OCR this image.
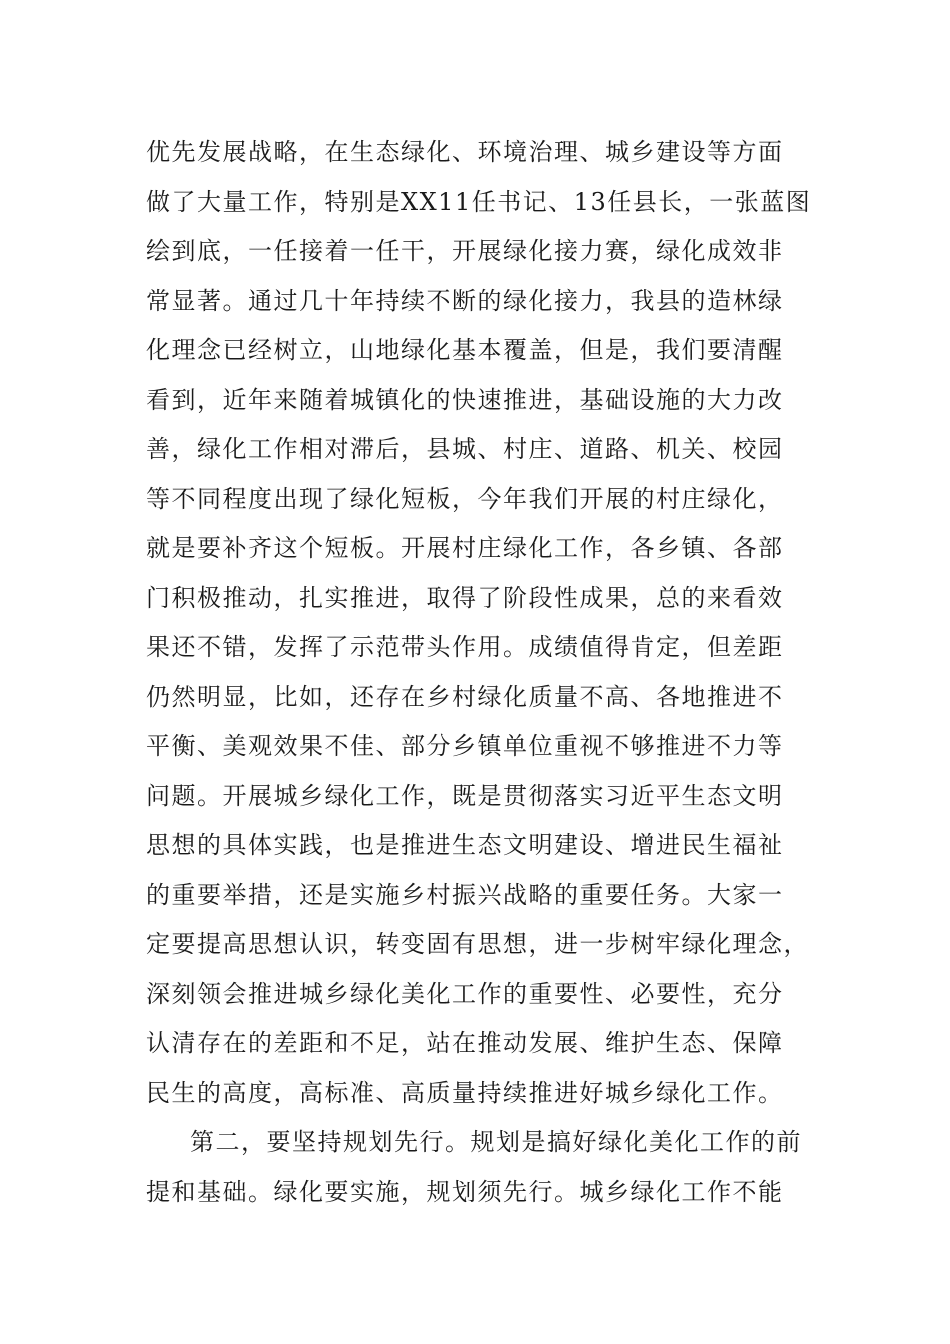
优先发展战略，在生态绿化、环境治理、城乡建设等方面
做了大量工作，特别是XX11任书记、13任县长，一张蓝图
绘到底，一任接着一任干，开展绿化接力赛，绿化成效非
常显著。通过几十年持续不断的绿化接力，我县的造林绿
化理念已经树立，山地绿化基本覆盖，但是，我们要清醒
看到，近年来随着城镇化的快速推进，基础设施的大力改
善，绿化工作相对滞后，县城、村庄、道路、机关、校园
等不同程度出现了绿化短板，今年我们开展的村庄绿化，
就是要补齐这个短板。开展村庄绿化工作，各乡镇、各部
门积极推动，扎实推进，取得了阶段性成果，总的来看效
果还不错，发挥了示范带头作用。成绩值得肯定，但差距
仍然明显，比如，还存在乡村绿化质量不高、各地推进不
平衡、美观效果不佳、部分乡镇单位重视不够推进不力等
问题。开展城乡绿化工作，既是贯彻落实习近平生态文明
思想的具体实践，也是推进生态文明建设、增进民生福祉
的重要举措，还是实施乡村振兴战略的重要任务。大家一
定要提高思想认识，转变固有思想，进一步树牢绿化理念，
深刻领会推进城乡绿化美化工作的重要性、必要性，充分
认清存在的差距和不足，站在推动发展、维护生态、保障
民生的高度，高标准、高质量持续推进好城乡绿化工作。
第二，要坚持规划先行。规划是搞好绿化美化工作的前
提和基础。绿化要实施，规划须先行。城乡绿化工作不能
